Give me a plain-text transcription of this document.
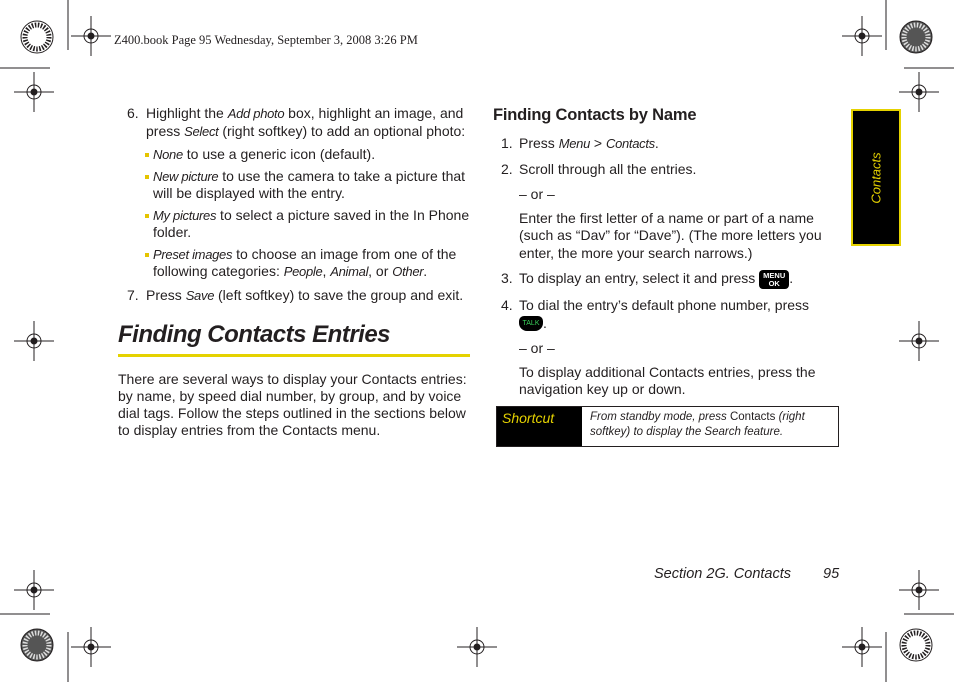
Z400.book Page 95 Wednesday, September 3, 2008 3:26 PM
6. Highlight the Add photo box, highlight an image, and press Select (right softkey) to add an optional photo:
None to use a generic icon (default).
New picture to use the camera to take a picture that will be displayed with the entry.
My pictures to select a picture saved in the In Phone folder.
Preset images to choose an image from one of the following categories: People, Animal, or Other.
7. Press Save (left softkey) to save the group and exit.
Finding Contacts Entries

There are several ways to display your Contacts entries: by name, by speed dial number, by group, and by voice dial tags. Follow the steps outlined in the sections below to display entries from the Contacts menu.

Finding Contacts by Name
1. Press Menu > Contacts.
2. Scroll through all the entries.
– or –
Enter the first letter of a name or part of a name (such as “Dav” for “Dave”). (The more letters you enter, the more your search narrows.)
3. To display an entry, select it and press MENU
OK .
4. To dial the entry’s default phone number, press
TALK .
– or –
To display additional Contacts entries, press the navigation key up or down.
Shortcut	From standby mode, press Contacts (right softkey) to display the Search feature.
Contacts
Section 2G. Contacts 95
